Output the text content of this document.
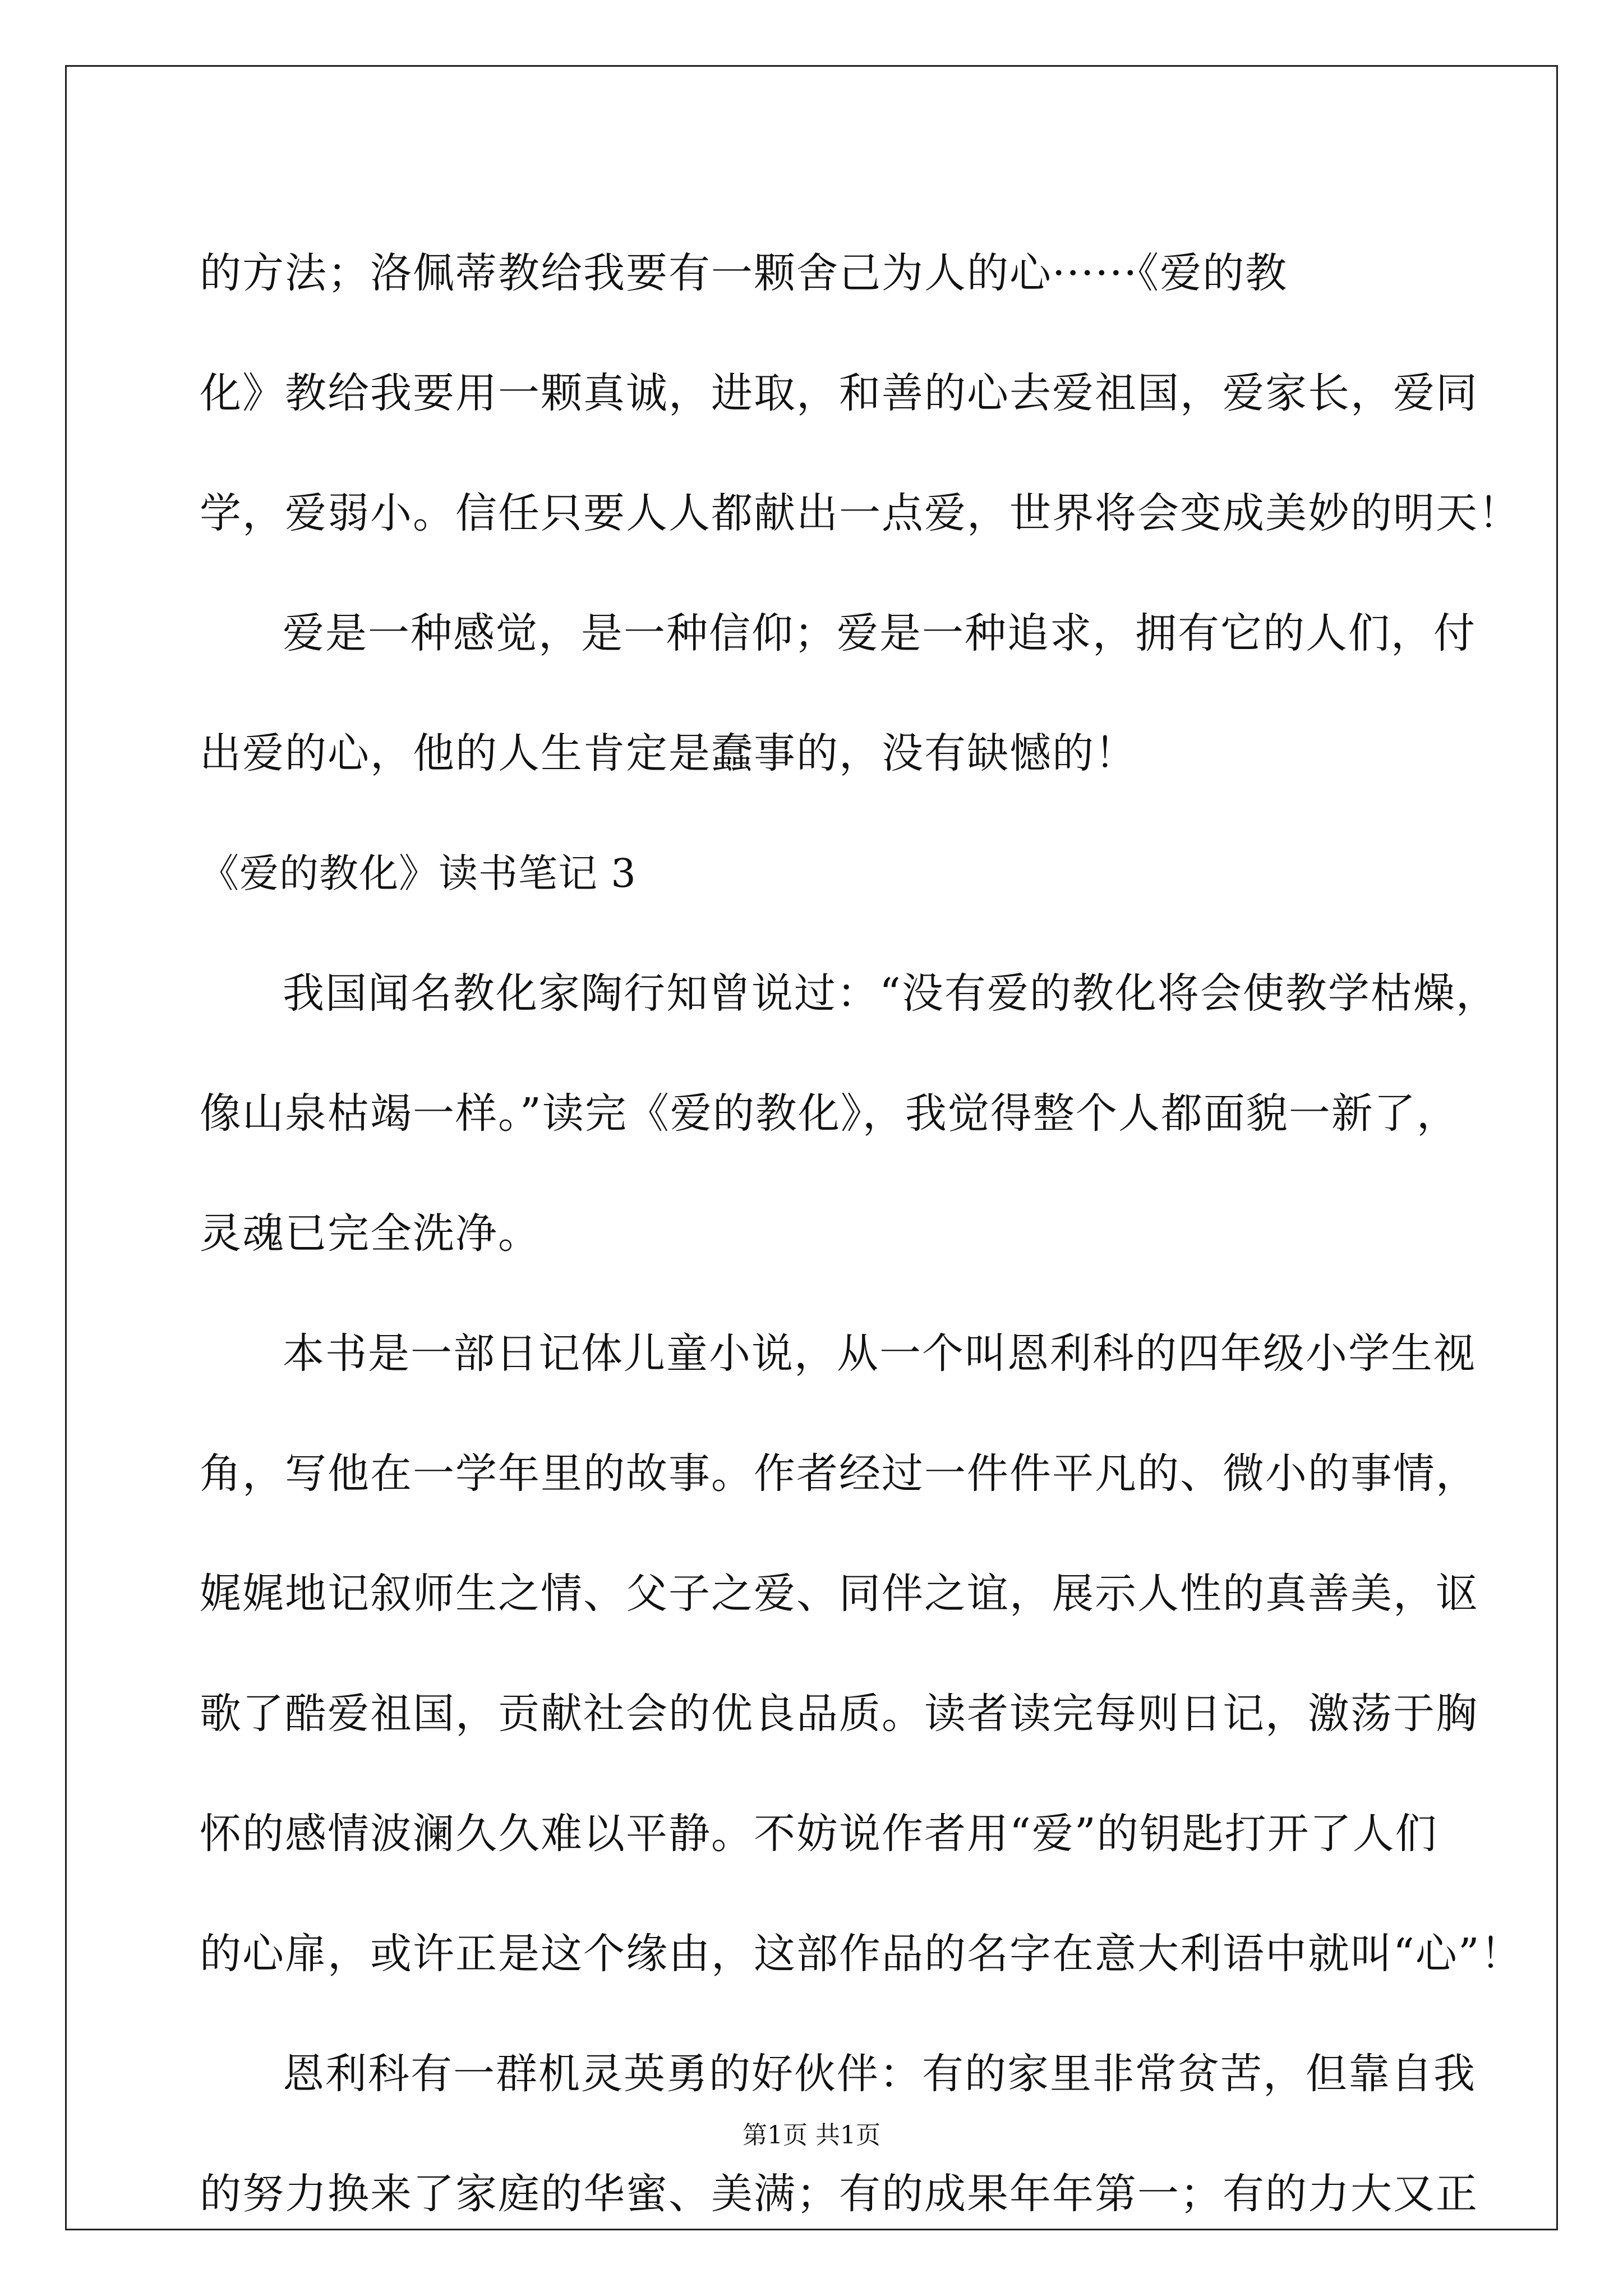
的方法；洛佩蒂教给我要有一颗舍己为人的心······《爱的教
化》教给我要用一颗真诚，进取，和善的心去爱祖国，爱家长，爱同
学，爱弱小。信任只要人人都献出一点爱，世界将会变成美妙的明天！
爱是一种感觉，是一种信仰；爱是一种追求，拥有它的人们，付
出爱的心，他的人生肯定是蠢事的，没有缺憾的！
《爱的教化》读书笔记 3
我国闻名教化家陶行知曾说过：“没有爱的教化将会使教学枯燥，
像山泉枯竭一样。”读完《爱的教化》，我觉得整个人都面貌一新了，
灵魂已完全洗净。
本书是一部日记体儿童小说，从一个叫恩利科的四年级小学生视
角，写他在一学年里的故事。作者经过一件件平凡的、微小的事情，
娓娓地记叙师生之情、父子之爱、同伴之谊，展示人性的真善美，讴
歌了酷爱祖国，贡献社会的优良品质。读者读完每则日记，激荡于胸
怀的感情波澜久久难以平静。不妨说作者用“爱”的钥匙打开了人们
的心扉，或许正是这个缘由，这部作品的名字在意大利语中就叫“心”！
恩利科有一群机灵英勇的好伙伴：有的家里非常贫苦，但靠自我
的努力换来了家庭的华蜜、美满；有的成果年年第一；有的力大又正
第1页 共1页
